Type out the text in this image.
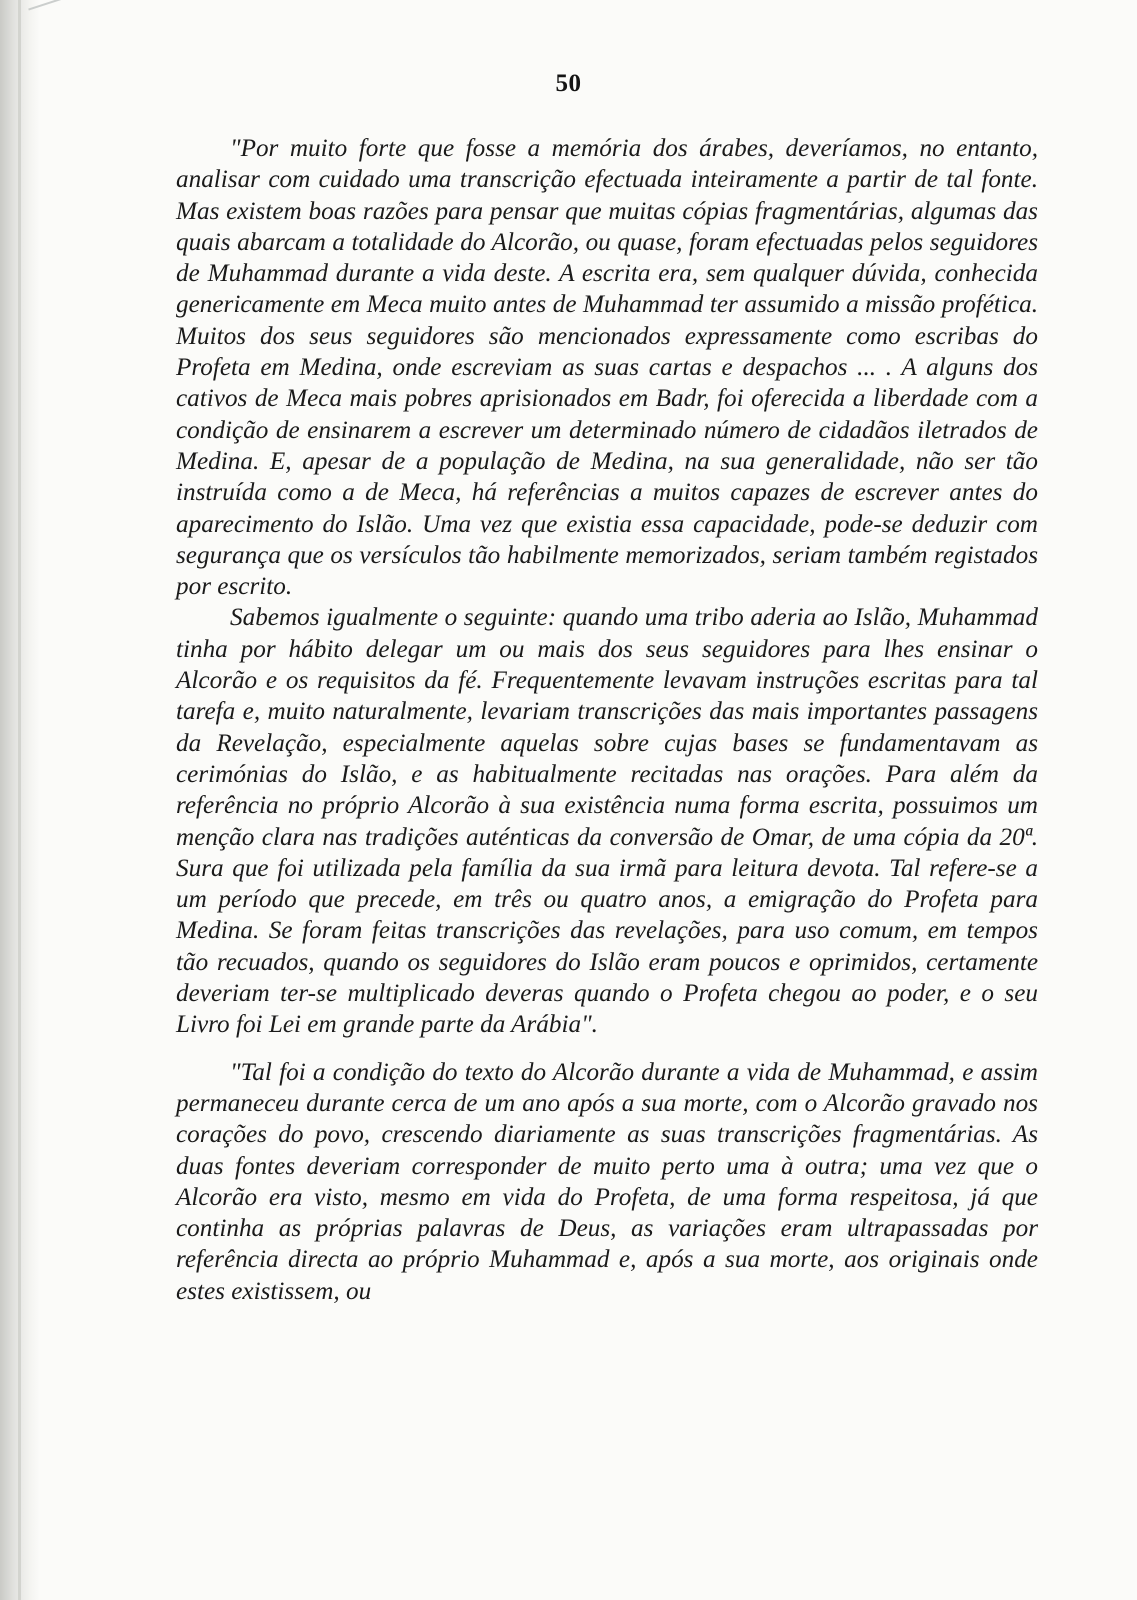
50

"Por muito forte que fosse a memória dos árabes, deveríamos, no entanto, analisar com cuidado uma transcrição efectuada inteiramente a partir de tal fonte. Mas existem boas razões para pensar que muitas cópias fragmentárias, algumas das quais abarcam a totalidade do Alcorão, ou quase, foram efectuadas pelos seguidores de Muhammad durante a vida deste. A escrita era, sem qualquer dúvida, conhecida genericamente em Meca muito antes de Muhammad ter assumido a missão profética. Muitos dos seus seguidores são mencionados expressamente como escribas do Profeta em Medina, onde escreviam as suas cartas e despachos ... . A alguns dos cativos de Meca mais pobres aprisionados em Badr, foi oferecida a liberdade com a condição de ensinarem a escrever um determinado número de cidadãos iletrados de Medina. E, apesar de a população de Medina, na sua generalidade, não ser tão instruída como a de Meca, há referências a muitos capazes de escrever antes do aparecimento do Islão. Uma vez que existia essa capacidade, pode-se deduzir com segurança que os versículos tão habilmente memorizados, seriam também registados por escrito.

Sabemos igualmente o seguinte: quando uma tribo aderia ao Islão, Muhammad tinha por hábito delegar um ou mais dos seus seguidores para lhes ensinar o Alcorão e os requisitos da fé. Frequentemente levavam instruções escritas para tal tarefa e, muito naturalmente, levariam transcrições das mais importantes passagens da Revelação, especialmente aquelas sobre cujas bases se fundamentavam as cerimónias do Islão, e as habitualmente recitadas nas orações. Para além da referência no próprio Alcorão à sua existência numa forma escrita, possuimos um menção clara nas tradições auténticas da conversão de Omar, de uma cópia da 20ª. Sura que foi utilizada pela família da sua irmã para leitura devota. Tal refere-se a um período que precede, em três ou quatro anos, a emigração do Profeta para Medina. Se foram feitas transcrições das revelações, para uso comum, em tempos tão recuados, quando os seguidores do Islão eram poucos e oprimidos, certamente deveriam ter-se multiplicado deveras quando o Profeta chegou ao poder, e o seu Livro foi Lei em grande parte da Arábia".

"Tal foi a condição do texto do Alcorão durante a vida de Muhammad, e assim permaneceu durante cerca de um ano após a sua morte, com o Alcorão gravado nos corações do povo, crescendo diariamente as suas transcrições fragmentárias. As duas fontes deveriam corresponder de muito perto uma à outra; uma vez que o Alcorão era visto, mesmo em vida do Profeta, de uma forma respeitosa, já que continha as próprias palavras de Deus, as variações eram ultrapassadas por referência directa ao próprio Muhammad e, após a sua morte, aos originais onde estes existissem, ou
